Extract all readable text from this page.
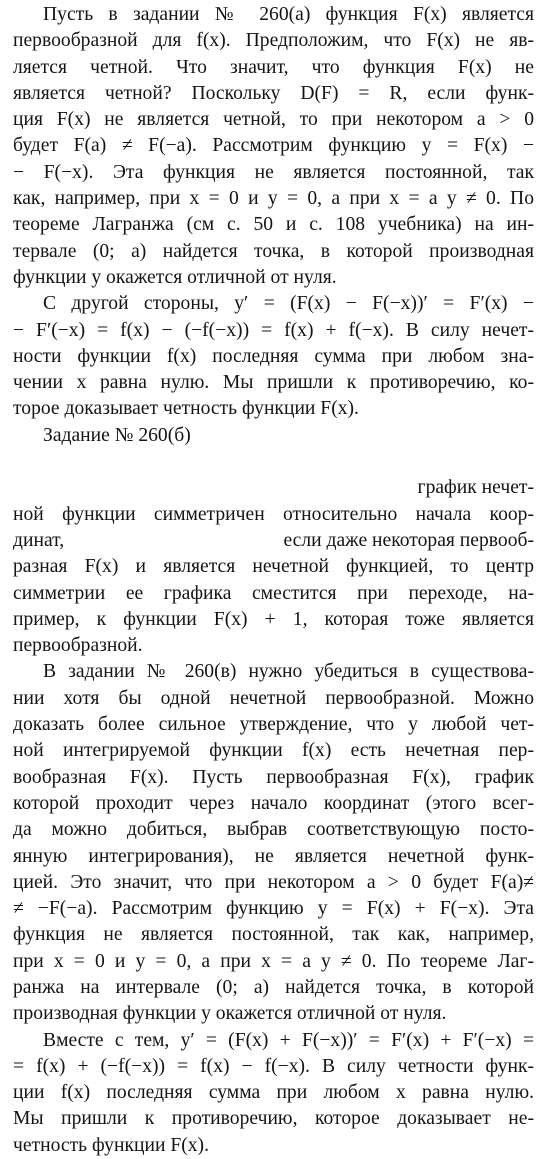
Пусть в задании № 260(а) функция F(x) является
первообразной для f(x). Предположим, что F(x) не яв-
ляется четной. Что значит, что функция F(x) не
является четной? Поскольку D(F) = R, если функ-
ция F(x) не является четной, то при некотором a > 0
будет F(a) ≠ F(−a). Рассмотрим функцию y = F(x) −
− F(−x). Эта функция не является постоянной, так
как, например, при x = 0 и y = 0, а при x = a y ≠ 0. По
теореме Лагранжа (см с. 50 и с. 108 учебника) на ин-
тервале (0; a) найдется точка, в которой производная
функции y окажется отличной от нуля.
С другой стороны, y′ = (F(x) − F(−x))′ = F′(x) −
− F′(−x) = f(x) − (−f(−x)) = f(x) + f(−x). В силу нечет-
ности функции f(x) последняя сумма при любом зна-
чении x равна нулю. Мы пришли к противоречию, ко-
торое доказывает четность функции F(x).
Задание № 260(б)
график нечет-
ной функции симметричен относительно начала коор-
динат,	если даже некоторая первооб-
разная F(x) и является нечетной функцией, то центр
симметрии ее графика сместится при переходе, на-
пример, к функции F(x) + 1, которая тоже является
первообразной.
В задании № 260(в) нужно убедиться в существова-
нии хотя бы одной нечетной первообразной. Можно
доказать более сильное утверждение, что у любой чет-
ной интегрируемой функции f(x) есть нечетная пер-
вообразная F(x). Пусть первообразная F(x), график
которой проходит через начало координат (этого всег-
да можно добиться, выбрав соответствующую посто-
янную интегрирования), не является нечетной функ-
цией. Это значит, что при некотором a > 0 будет F(a)≠
≠ −F(−a). Рассмотрим функцию y = F(x) + F(−x). Эта
функция не является постоянной, так как, например,
при x = 0 и y = 0, а при x = a y ≠ 0. По теореме Лаг-
ранжа на интервале (0; a) найдется точка, в которой
производная функции y окажется отличной от нуля.
Вместе с тем, y′ = (F(x) + F(−x))′ = F′(x) + F′(−x) =
= f(x) + (−f(−x)) = f(x) − f(−x). В силу четности функ-
ции f(x) последняя сумма при любом x равна нулю.
Мы пришли к противоречию, которое доказывает не-
четность функции F(x).
